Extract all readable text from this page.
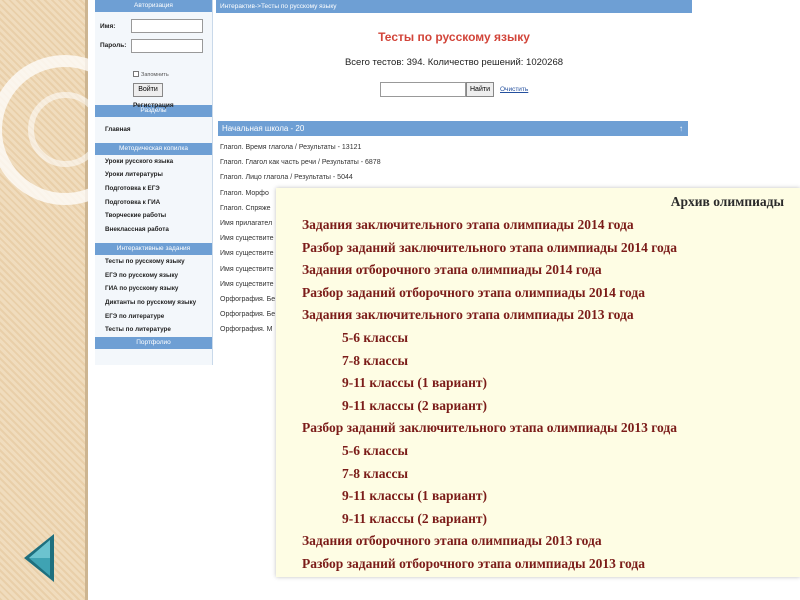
Авторизация
Имя:
Пароль:
Запомнить
Войти
Регистрация
Разделы
Главная
Методическая копилка
Уроки русского языка
Уроки литературы
Подготовка к ЕГЭ
Подготовка к ГИА
Творческие работы
Внеклассная работа
Интерактивные задания
Тесты по русскому языку
ЕГЭ по русскому языку
ГИА по русскому языку
Диктанты по русскому языку
ЕГЭ по литературе
Тесты по литературе
Портфолио
Интерактив->Тесты по русскому языку
Тесты по русскому языку
Всего тестов: 394. Количество решений: 1020268
Найти	Очистить
Начальная школа - 20	↑
Глагол. Время глагола / Результаты - 13121
Глагол. Глагол как часть речи / Результаты - 6878
Глагол. Лицо глагола / Результаты - 5044
Глагол. Морфо
Глагол. Спряже
Имя прилагател
Имя существите
Имя существите
Имя существите
Имя существите
Орфография. Бе
Орфография. Бе
Орфография. М
Архив олимпиады
Задания заключительного этапа олимпиады 2014 года
Разбор заданий заключительного этапа олимпиады 2014 года
Задания отборочного этапа олимпиады 2014 года
Разбор заданий отборочного этапа олимпиады 2014 года
Задания заключительного этапа олимпиады 2013 года
5-6 классы
7-8 классы
9-11 классы (1 вариант)
9-11 классы (2 вариант)
Разбор заданий заключительного этапа олимпиады 2013 года
5-6 классы
7-8 классы
9-11 классы (1 вариант)
9-11 классы (2 вариант)
Задания отборочного этапа олимпиады 2013 года
Разбор заданий отборочного этапа олимпиады 2013 года
